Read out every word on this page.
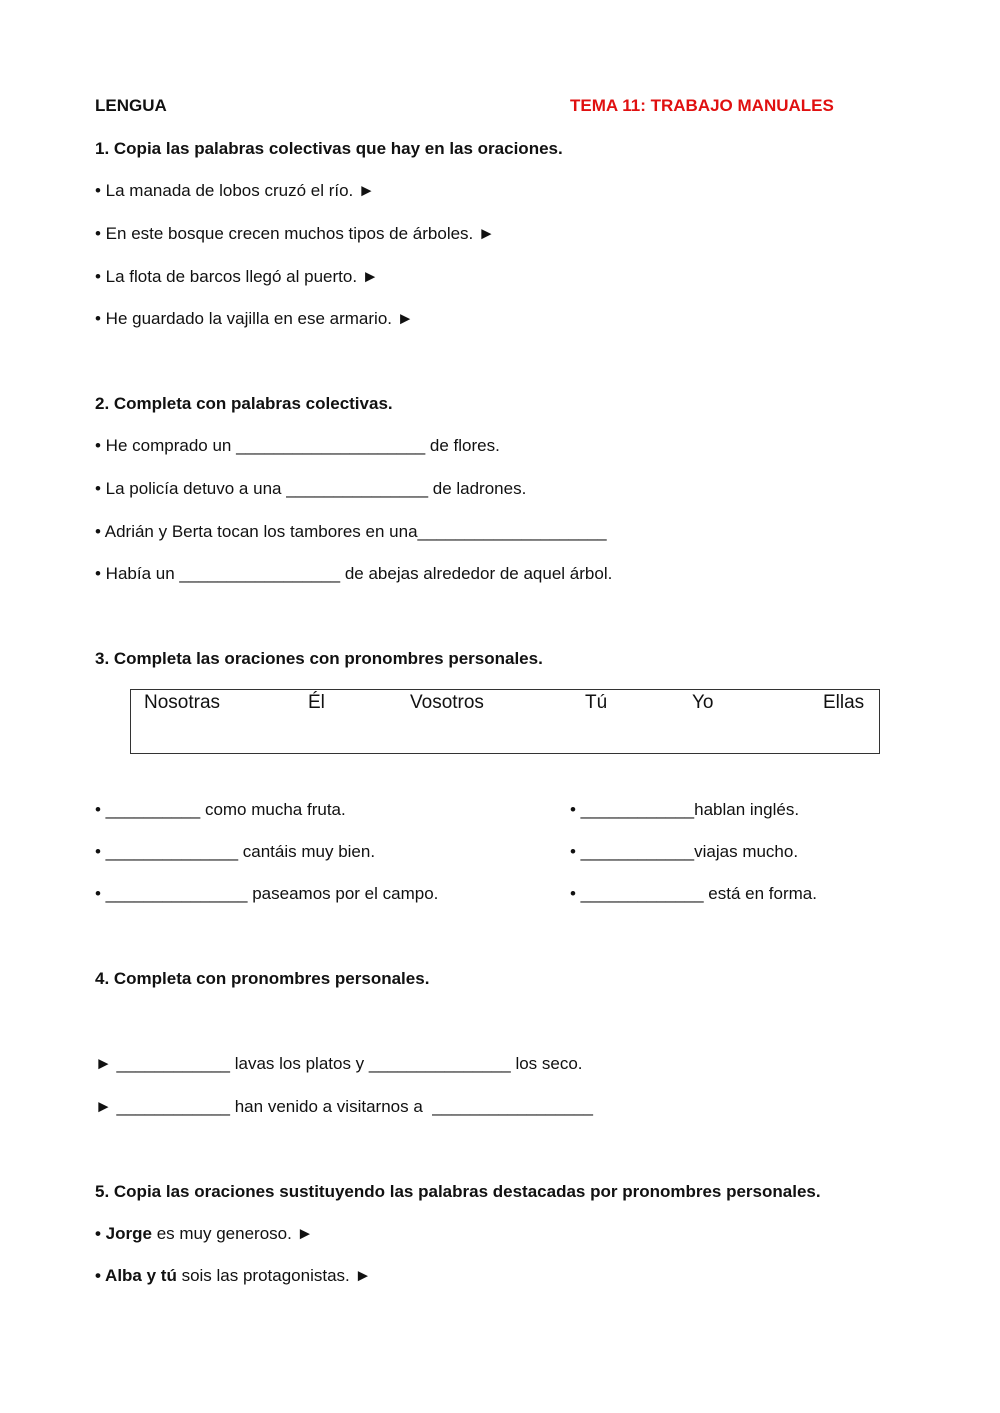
LENGUA	TEMA 11: TRABAJO MANUALES
1. Copia las palabras colectivas que hay en las oraciones.
• La manada de lobos cruzó el río. ►
• En este bosque crecen muchos tipos de árboles. ►
• La flota de barcos llegó al puerto. ►
• He guardado la vajilla en ese armario. ►
2. Completa con palabras colectivas.
• He comprado un ____________________ de flores.
• La policía detuvo a una _______________ de ladrones.
• Adrián y Berta tocan los tambores en una____________________
• Había un _________________ de abejas alrededor de aquel árbol.
3. Completa las oraciones con pronombres personales.
Nosotras	Él	Vosotros	Tú	Yo	Ellas
• __________ como mucha fruta.
• ______________ cantáis muy bien.
• _______________ paseamos por el campo.
• ____________hablan inglés.
• ____________viajas mucho.
• _____________ está en forma.
4. Completa con pronombres personales.
► ____________ lavas los platos y _______________ los seco.
► ____________ han venido a visitarnos a  _________________
5. Copia las oraciones sustituyendo las palabras destacadas por pronombres personales.
• Jorge es muy generoso. ►
• Alba y tú sois las protagonistas. ►
